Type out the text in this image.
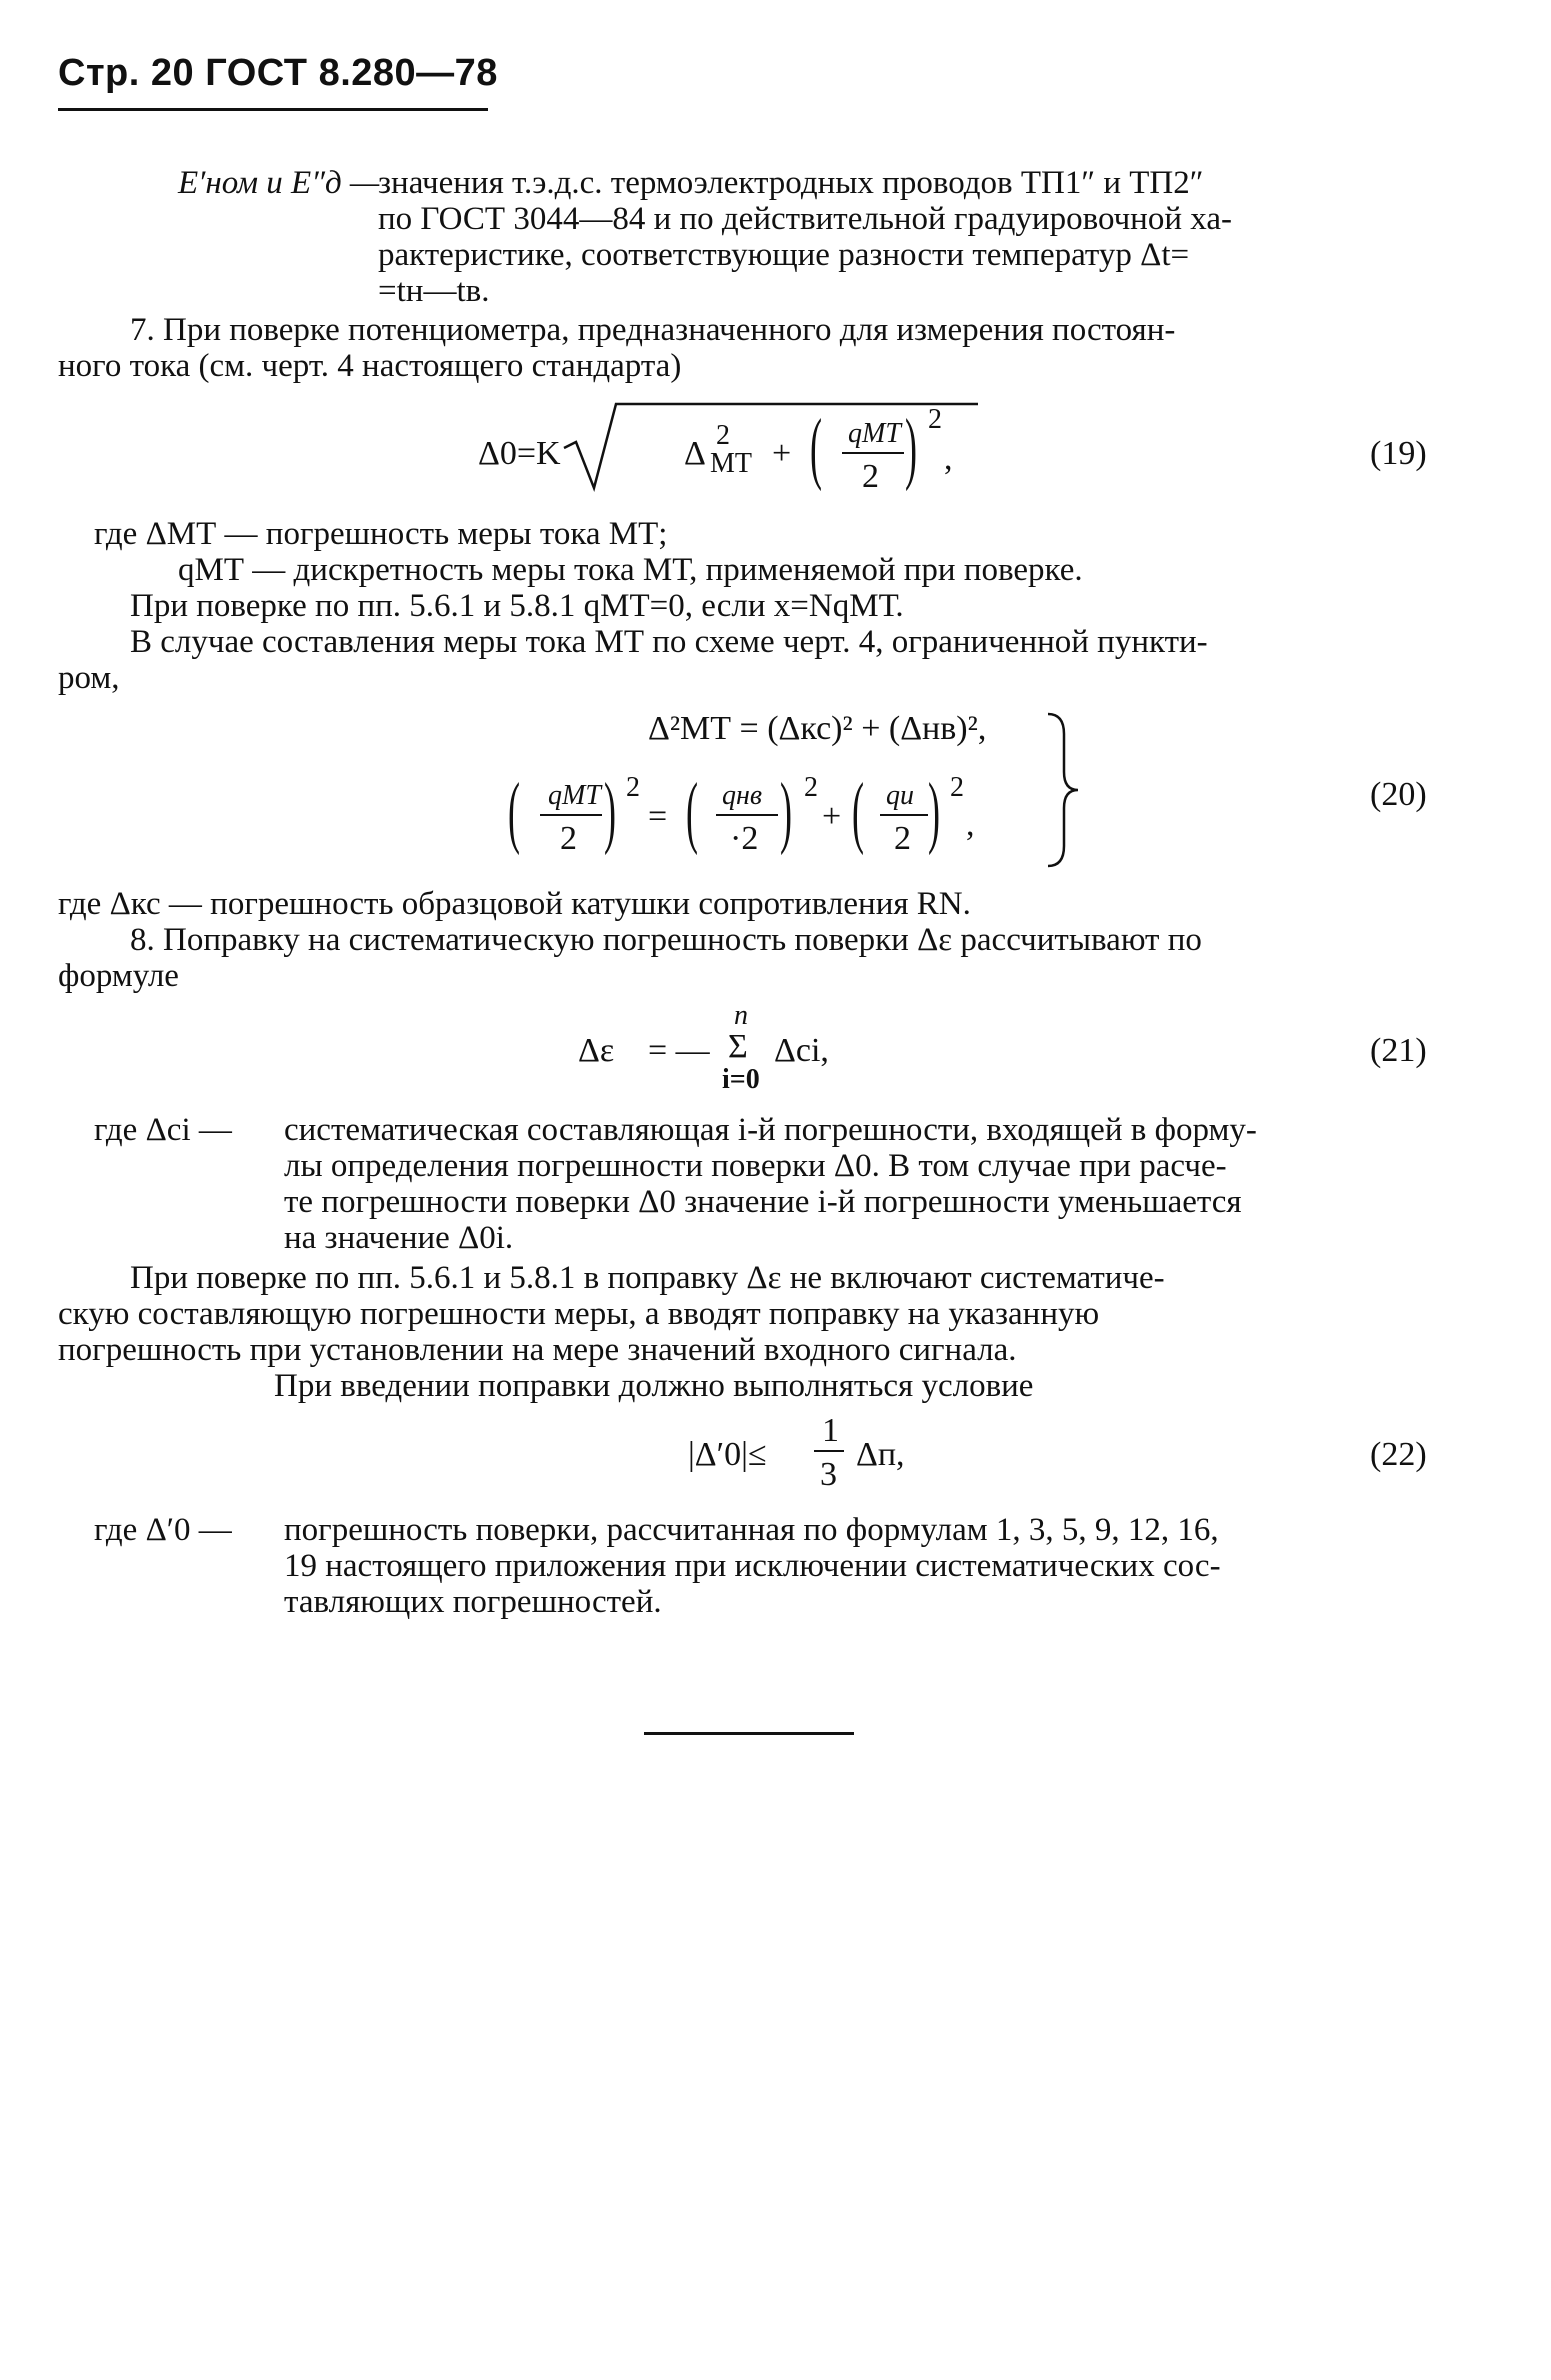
Стр. 20 ГОСТ 8.280—78
E′ном и E″д —
значения т.э.д.с. термоэлектродных проводов ТП1″ и ТП2″
по ГОСТ 3044—84 и по действительной градуировочной ха-
рактеристике, соответствующие разности температур Δt=
=tн—tв.
7. При поверке потенциометра, предназначенного для измерения постоян-
ного тока (см. черт. 4 настоящего стандарта)
Δ0=K	Δ 2
МТ + ( qМТ
2 ) 2
,	(19)
где ΔМТ — погрешность меры тока МТ;
qМТ — дискретность меры тока МТ, применяемой при поверке.
При поверке по пп. 5.6.1 и 5.8.1 qМТ=0, если x=NqМТ.
В случае составления меры тока МТ по схеме черт. 4, ограниченной пункти-
ром,
Δ²МТ = (Δкс)² + (Δнв)²,
( qМТ
2 ) 2
= ( qнв
·2 ) 2
+ ( qи
2 ) 2
,
(20)
где Δкс — погрешность образцовой катушки сопротивления RN.
8. Поправку на систематическую погрешность поверки Δε рассчитывают по
формуле
Δε = —
n
Σ
i=0
Δci,	(21)
где Δci — систематическая составляющая i-й погрешности, входящей в форму-
лы определения погрешности поверки Δ0. В том случае при расче-
те погрешности поверки Δ0 значение i-й погрешности уменьшается
на значение Δ0i.
При поверке по пп. 5.6.1 и 5.8.1 в поправку Δε не включают систематиче-
скую составляющую погрешности меры, а вводят поправку на указанную
погрешность при установлении на мере значений входного сигнала.
При введении поправки должно выполняться условие
|Δ′0|≤
1
3
Δп,	(22)
где Δ′0 — погрешность поверки, рассчитанная по формулам 1, 3, 5, 9, 12, 16,
19 настоящего приложения при исключении систематических сос-
тавляющих погрешностей.
